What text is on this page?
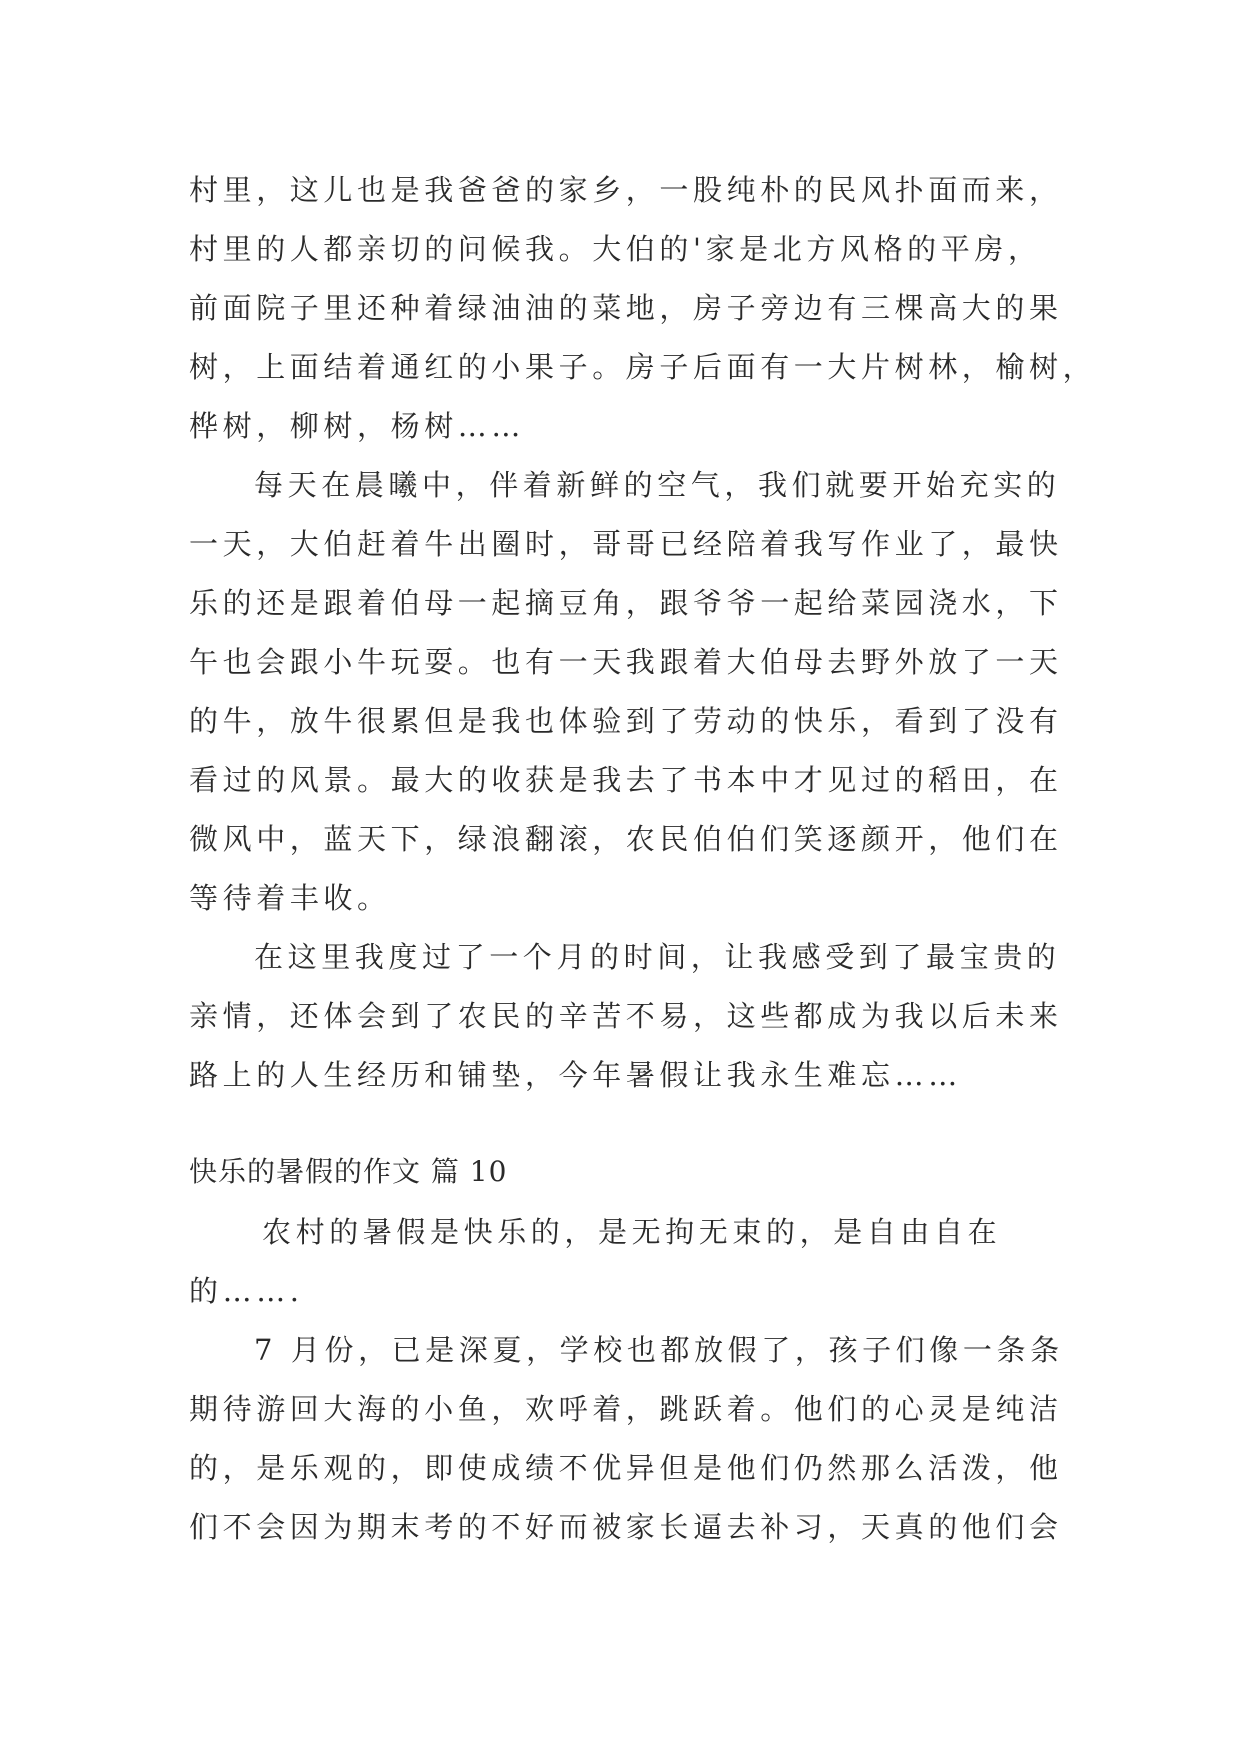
村里，这儿也是我爸爸的家乡，一股纯朴的民风扑面而来，
村里的人都亲切的问候我。大伯的'家是北方风格的平房，
前面院子里还种着绿油油的菜地，房子旁边有三棵高大的果
树，上面结着通红的小果子。房子后面有一大片树林，榆树，
桦树，柳树，杨树……
每天在晨曦中，伴着新鲜的空气，我们就要开始充实的
一天，大伯赶着牛出圈时，哥哥已经陪着我写作业了，最快
乐的还是跟着伯母一起摘豆角，跟爷爷一起给菜园浇水，下
午也会跟小牛玩耍。也有一天我跟着大伯母去野外放了一天
的牛，放牛很累但是我也体验到了劳动的快乐，看到了没有
看过的风景。最大的收获是我去了书本中才见过的稻田，在
微风中，蓝天下，绿浪翻滚，农民伯伯们笑逐颜开，他们在
等待着丰收。
在这里我度过了一个月的时间，让我感受到了最宝贵的
亲情，还体会到了农民的辛苦不易，这些都成为我以后未来
路上的人生经历和铺垫，今年暑假让我永生难忘……
快乐的暑假的作文 篇 10
农村的暑假是快乐的，是无拘无束的，是自由自在
的…….
7 月份，已是深夏，学校也都放假了，孩子们像一条条
期待游回大海的小鱼，欢呼着，跳跃着。他们的心灵是纯洁
的，是乐观的，即使成绩不优异但是他们仍然那么活泼，他
们不会因为期末考的不好而被家长逼去补习，天真的他们会
